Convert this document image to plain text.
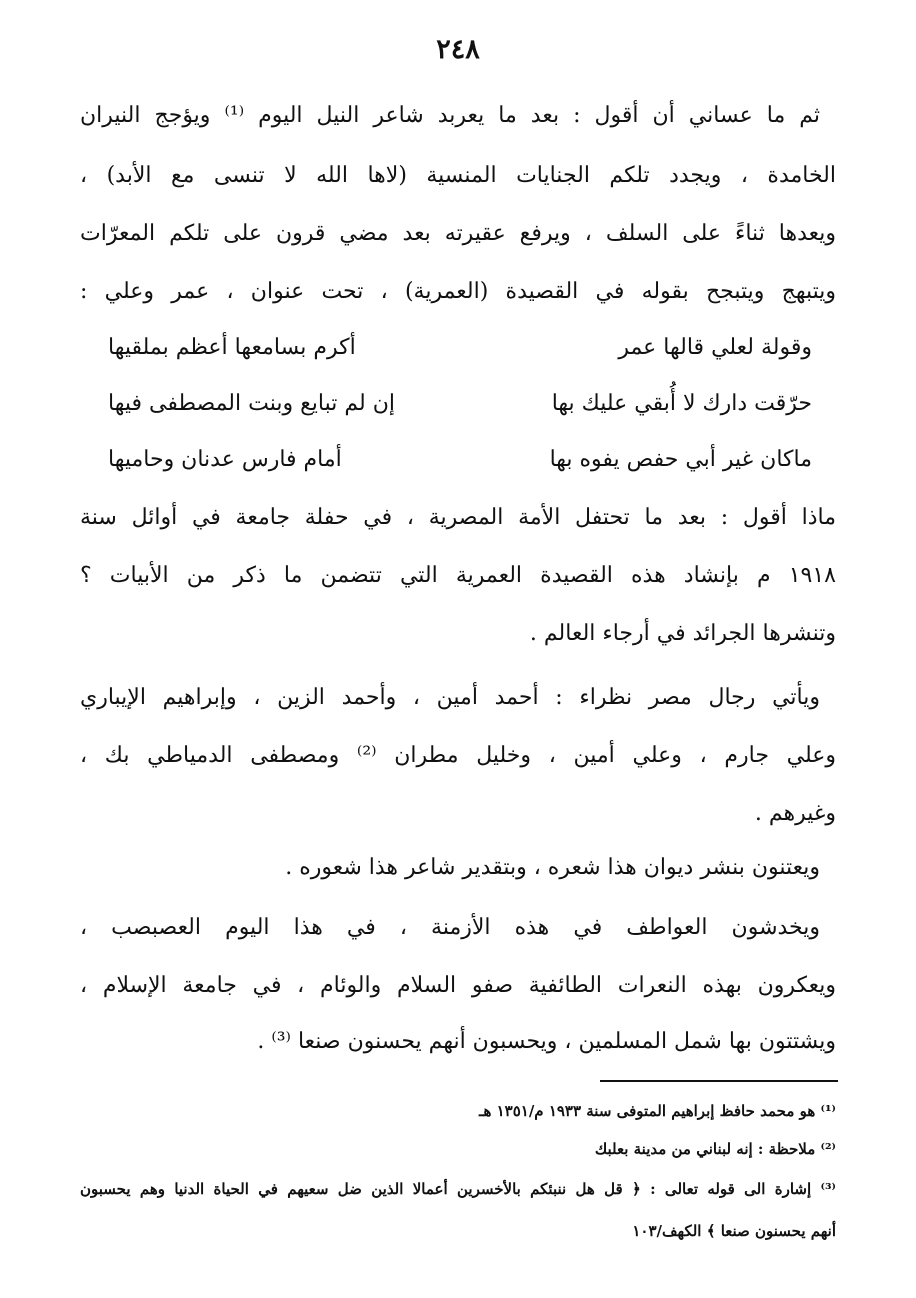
٢٤٨
ثم ما عساني أن أقول : بعد ما يعربد شاعر النيل اليوم ⁽¹⁾ ويؤجج النيران
الخامدة ، ويجدد تلكم الجنايات المنسية (لاها الله لا تنسى مع الأبد) ،
ويعدها ثناءً على السلف ، ويرفع عقيرته بعد مضي قرون على تلكم المعرّات
ويتبهج ويتبجح بقوله في القصيدة (العمرية) ، تحت عنوان ، عمر وعلي :
وقولة لعلي قالها عمر
أكرم بسامعها أعظم بملقيها
حرّقت دارك لا أُبقي عليك بها
إن لم تبايع وبنت المصطفى فيها
ماكان غير أبي حفص يفوه بها
أمام فارس عدنان وحاميها
ماذا أقول : بعد ما تحتفل الأمة المصرية ، في حفلة جامعة في أوائل سنة
١٩١٨ م بإنشاد هذه القصيدة العمرية التي تتضمن ما ذكر من الأبيات ؟
وتنشرها الجرائد في أرجاء العالم .
ويأتي رجال مصر نظراء : أحمد أمين ، وأحمد الزين ، وإبراهيم الإيباري
وعلي جارم ، وعلي أمين ، وخليل مطران ⁽²⁾ ومصطفى الدمياطي بك ،
وغيرهم .
ويعتنون بنشر ديوان هذا شعره ، وبتقدير شاعر هذا شعوره .
ويخدشون العواطف في هذه الأزمنة ، في هذا اليوم العصبصب ،
ويعكرون بهذه النعرات الطائفية صفو السلام والوئام ، في جامعة الإسلام ،
ويشتتون بها شمل المسلمين ، ويحسبون أنهم يحسنون صنعا ⁽³⁾ .
⁽¹⁾ هو محمد حافظ إبراهيم المتوفى سنة ١٩٣٣ م/١٣٥١ هـ
⁽²⁾ ملاحظة : إنه لبناني من مدينة بعلبك
⁽³⁾ إشارة الى قوله تعالى : ﴿ قل هل ننبئكم بالأخسرين أعمالا الذين ضل سعيهم في الحياة الدنيا وهم يحسبون
أنهم يحسنون صنعا ﴾ الكهف/١٠٣
